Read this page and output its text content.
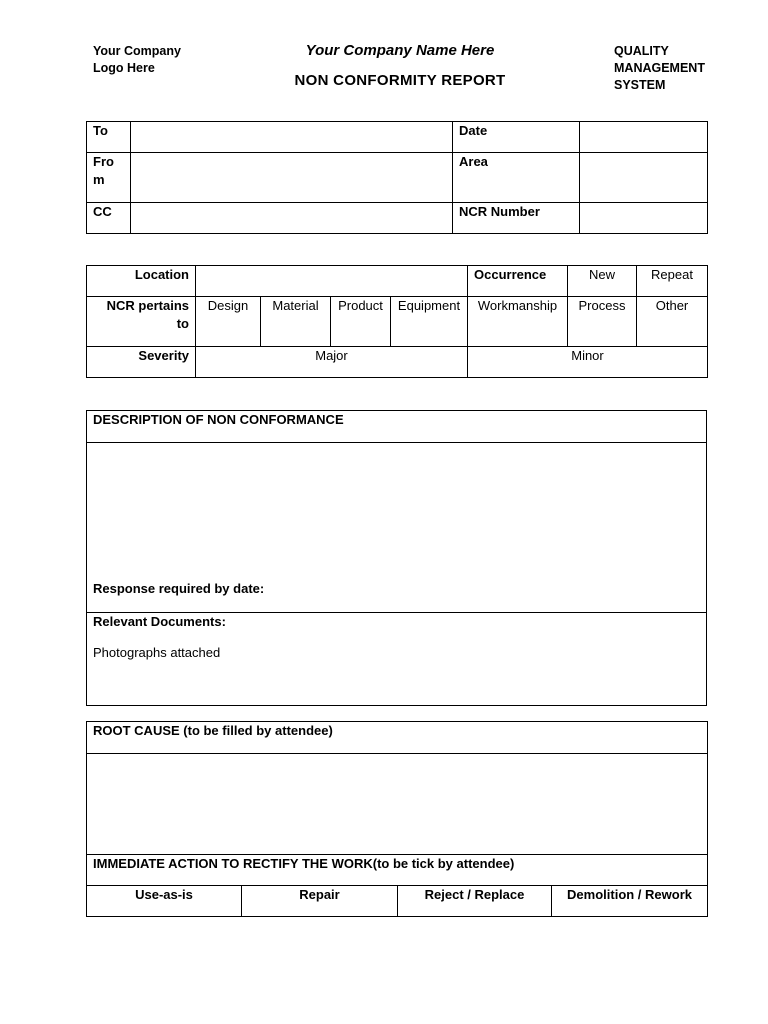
Your Company
Logo Here
Your Company Name Here
NON CONFORMITY REPORT
QUALITY
MANAGEMENT
SYSTEM
To		Date	
From		Area	
CC		NCR Number	
Location					Occurrence	New	Repeat
NCR pertains to	Design	Material	Product	Equipment	Workmanship	Process	Other
Severity	Major				Minor		
DESCRIPTION OF NON CONFORMANCE
Response required by date:

Relevant Documents:
Photographs attached
ROOT CAUSE (to be filled by attendee)

IMMEDIATE ACTION TO RECTIFY THE WORK(to be tick by attendee)
Use-as-is	Repair	Reject / Replace	Demolition / Rework
